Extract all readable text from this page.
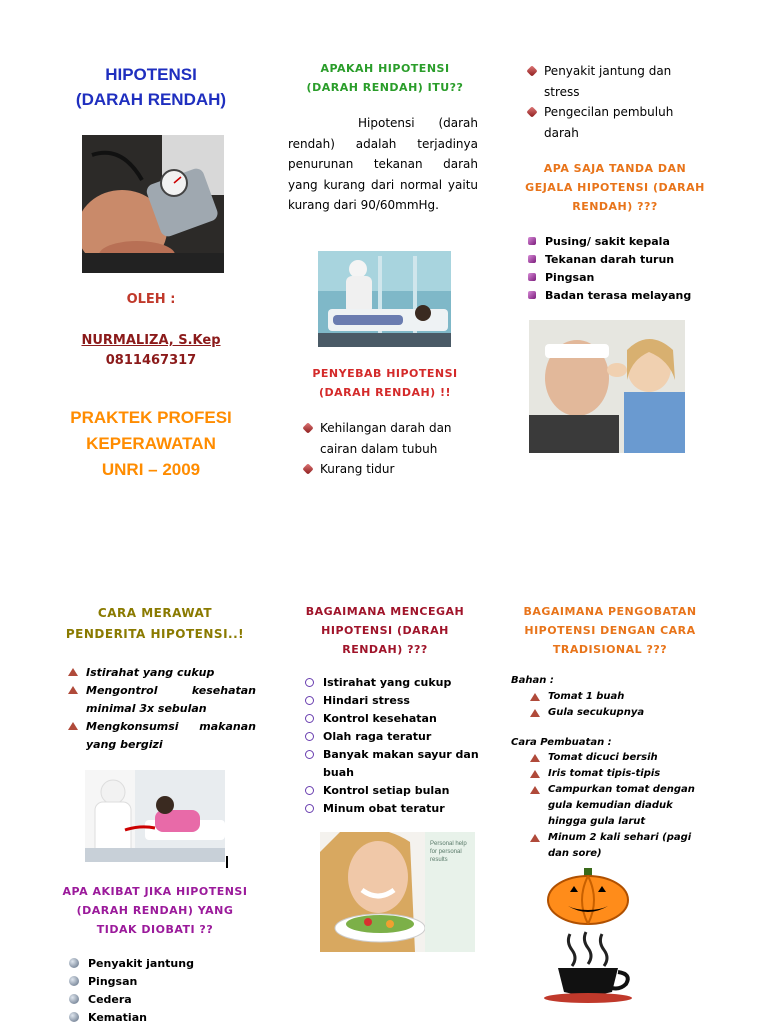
HIPOTENSI
(DARAH RENDAH)
OLEH :
NURMALIZA, S.Kep
0811467317
PRAKTEK PROFESI
KEPERAWATAN
UNRI – 2009
APAKAH HIPOTENSI
(DARAH RENDAH) ITU??
Hipotensi (darah rendah) adalah terjadinya penurunan tekanan darah yang kurang dari normal yaitu kurang dari 90/60mmHg.
PENYEBAB HIPOTENSI
(DARAH RENDAH) !!
Kehilangan darah dan cairan dalam tubuh
Kurang tidur
Penyakit jantung dan stress
Pengecilan pembuluh darah
APA SAJA TANDA DAN
GEJALA HIPOTENSI (DARAH
RENDAH) ???
Pusing/ sakit kepala
Tekanan darah turun
Pingsan
Badan terasa melayang
CARA MERAWAT
PENDERITA HIPOTENSI..!
Istirahat yang cukup
Mengontrol kesehatan minimal 3x sebulan
Mengkonsumsi makanan yang bergizi
APA AKIBAT JIKA HIPOTENSI
(DARAH RENDAH) YANG
TIDAK DIOBATI ??
Penyakit jantung
Pingsan
Cedera
Kematian
BAGAIMANA MENCEGAH
HIPOTENSI (DARAH
RENDAH) ???
Istirahat yang cukup
Hindari stress
Kontrol kesehatan
Olah raga teratur
Banyak makan sayur dan buah
Kontrol setiap bulan
Minum obat teratur
Personal help for personal results
BAGAIMANA PENGOBATAN
HIPOTENSI DENGAN CARA
TRADISIONAL ???
Bahan :
Tomat 1 buah
Gula secukupnya
Cara Pembuatan :
Tomat dicuci bersih
Iris tomat tipis-tipis
Campurkan tomat dengan gula kemudian diaduk hingga gula larut
Minum 2 kali sehari (pagi dan sore)
